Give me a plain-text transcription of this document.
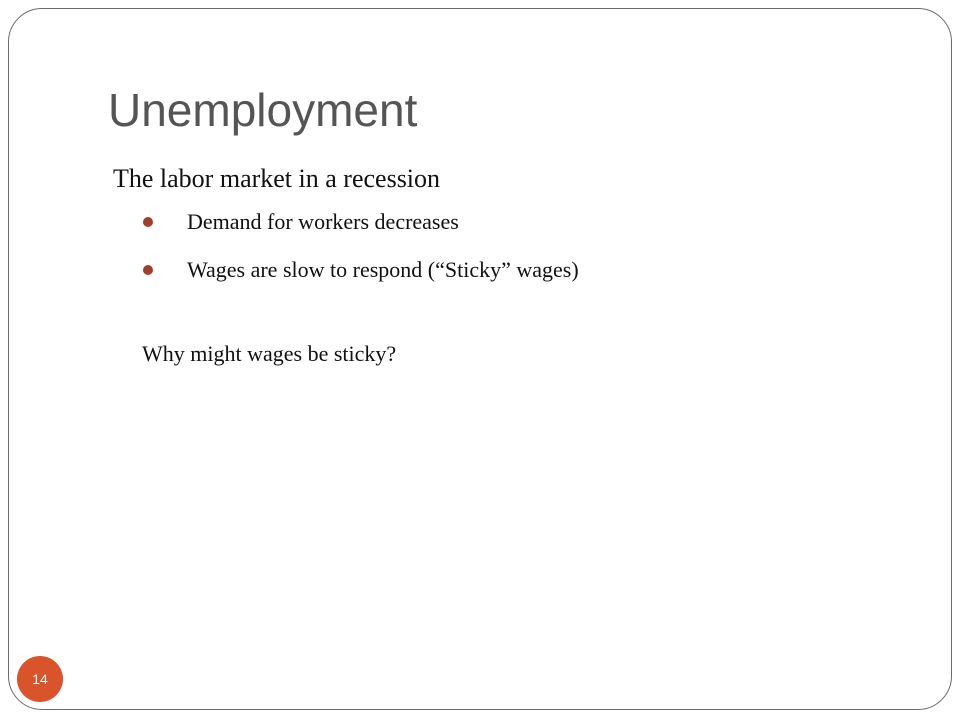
Unemployment
The labor market in a recession
Demand for workers decreases
Wages are slow to respond (“Sticky” wages)
Why might wages be sticky?
14
